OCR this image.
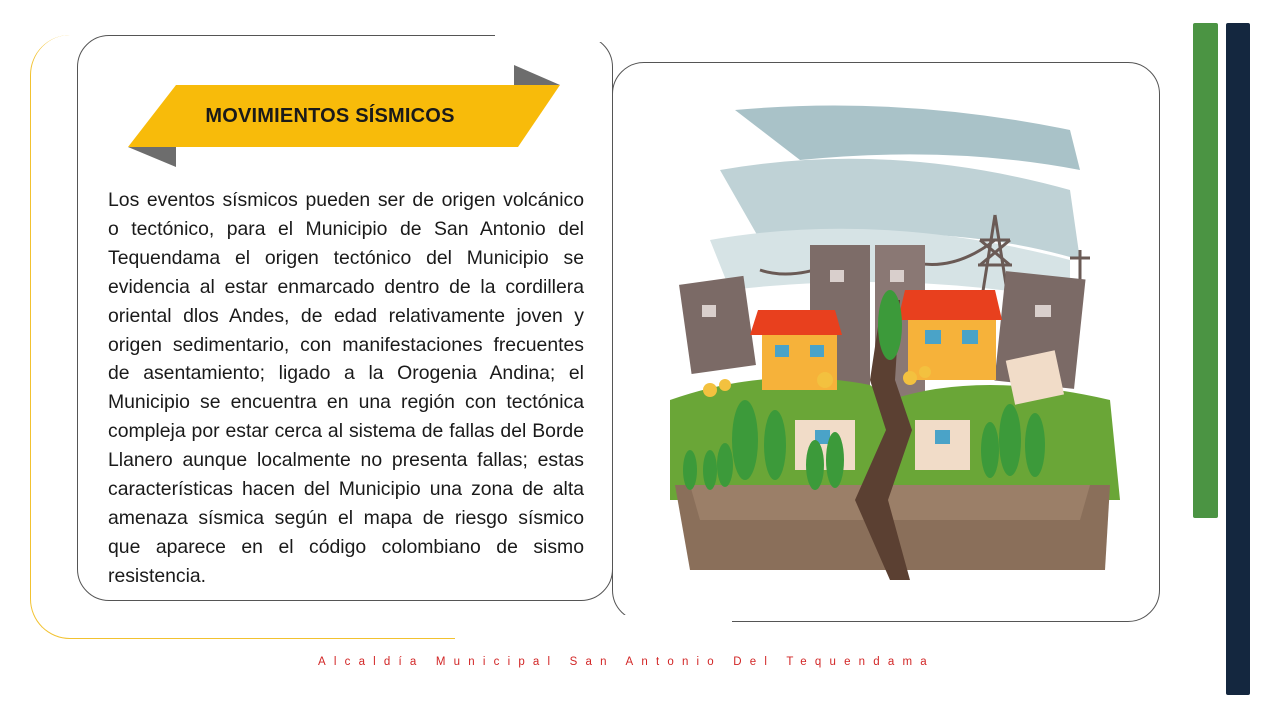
MOVIMIENTOS SÍSMICOS
Los eventos sísmicos pueden ser de origen volcánico o tectónico, para el Municipio de San Antonio del Tequendama el origen tectónico del Municipio se evidencia al estar enmarcado dentro de la cordillera oriental dlos Andes, de edad relativamente joven y origen sedimentario, con manifestaciones frecuentes de asentamiento; ligado a la Orogenia Andina; el Municipio se encuentra en una región con tectónica compleja por estar cerca al sistema de fallas del Borde Llanero aunque localmente no presenta fallas; estas características hacen del Municipio una zona de alta amenaza sísmica según el mapa de riesgo sísmico que aparece en el código colombiano de sismo resistencia.
Alcaldía Municipal San Antonio Del Tequendama
